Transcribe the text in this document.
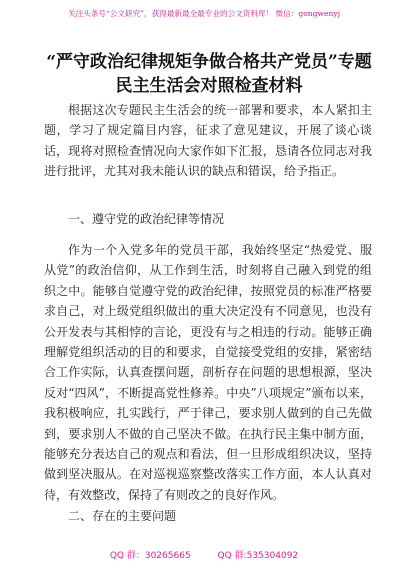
关注头条号“公文研究”，获得最新最全最专业的公文资料库！ 微信：gongwenyj
“严守政治纪律规矩争做合格共产党员”专题民主生活会对照检查材料

根据这次专题民主生活会的统一部署和要求，本人紧扣主题，学习了规定篇目内容，征求了意见建议，开展了谈心谈话，现将对照检查情况向大家作如下汇报，恳请各位同志对我进行批评，尤其对我未能认识的缺点和错误，给予指正。

一、遵守党的政治纪律等情况

作为一个入党多年的党员干部，我始终坚定“热爱党、服从党”的政治信仰，从工作到生活，时刻将自己融入到党的组织之中。能够自觉遵守党的政治纪律，按照党员的标准严格要求自己，对上级党组织做出的重大决定没有不同意见，也没有公开发表与其相悖的言论，更没有与之相违的行动。能够正确理解党组织活动的目的和要求，自觉接受党组的安排，紧密结合工作实际，认真查摆问题，剖析存在问题的思想根源，坚决反对“四风”，不断提高党性修养。中央”八项规定”颁布以来，我积极响应，扎实践行，严于律己，要求别人做到的自己先做到，要求别人不做的自己坚决不做。在执行民主集中制方面，能够充分表达自己的观点和看法，但一旦形成组织决议，坚持做到坚决服从。在对巡视巡察整改落实工作方面，本人认真对待，有效整改，保持了有则改之的良好作风。

二、存在的主要问题
QQ 群：30265665	QQ 群:535304092
